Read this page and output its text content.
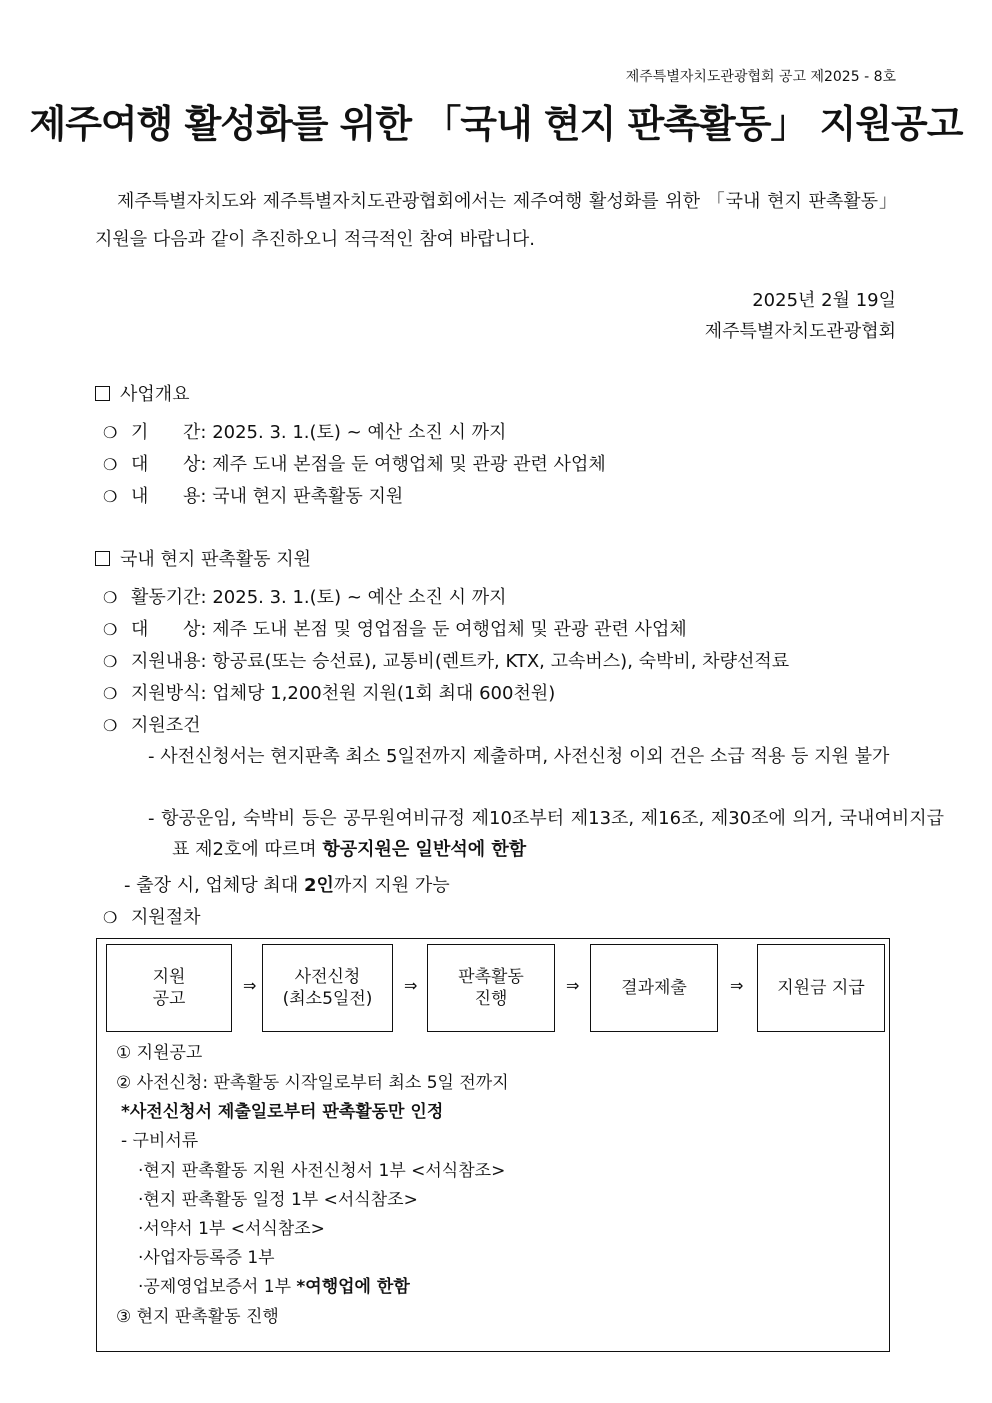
제주특별자치도관광협회 공고 제2025 - 8호
제주여행 활성화를 위한 「국내 현지 판촉활동」 지원공고

제주특별자치도와 제주특별자치도관광협회에서는 제주여행 활성화를 위한 「국내 현지 판촉활동」 지원을 다음과 같이 추진하오니 적극적인 참여 바랍니다.

2025년 2월 19일
제주특별자치도관광협회
사업개요
❍ 기 간: 2025. 3. 1.(토) ~ 예산 소진 시 까지
❍ 대 상: 제주 도내 본점을 둔 여행업체 및 관광 관련 사업체
❍ 내 용: 국내 현지 판촉활동 지원
국내 현지 판촉활동 지원
❍ 활동기간: 2025. 3. 1.(토) ~ 예산 소진 시 까지
❍ 대 상: 제주 도내 본점 및 영업점을 둔 여행업체 및 관광 관련 사업체
❍ 지원내용: 항공료(또는 승선료), 교통비(렌트카, KTX, 고속버스), 숙박비, 차량선적료
❍ 지원방식: 업체당 1,200천원 지원(1회 최대 600천원)
❍ 지원조건
- 사전신청서는 현지판촉 최소 5일전까지 제출하며, 사전신청 이외 건은 소급 적용 등 지원 불가
- 항공운임, 숙박비 등은 공무원여비규정 제10조부터 제13조, 제16조, 제30조에 의거, 국내여비지급표 제2호에 따르며 항공지원은 일반석에 한함
- 출장 시, 업체당 최대 2인까지 지원 가능
❍ 지원절차
지원
공고
⇒	사전신청
(최소5일전)
⇒ 판촉활동
진행
⇒ 결과제출	⇒ 지원금 지급
① 지원공고
② 사전신청: 판촉활동 시작일로부터 최소 5일 전까지
*사전신청서 제출일로부터 판촉활동만 인정
- 구비서류
·현지 판촉활동 지원 사전신청서 1부 <서식참조>
·현지 판촉활동 일정 1부 <서식참조>
·서약서 1부 <서식참조>
·사업자등록증 1부
·공제영업보증서 1부 *여행업에 한함
③ 현지 판촉활동 진행
